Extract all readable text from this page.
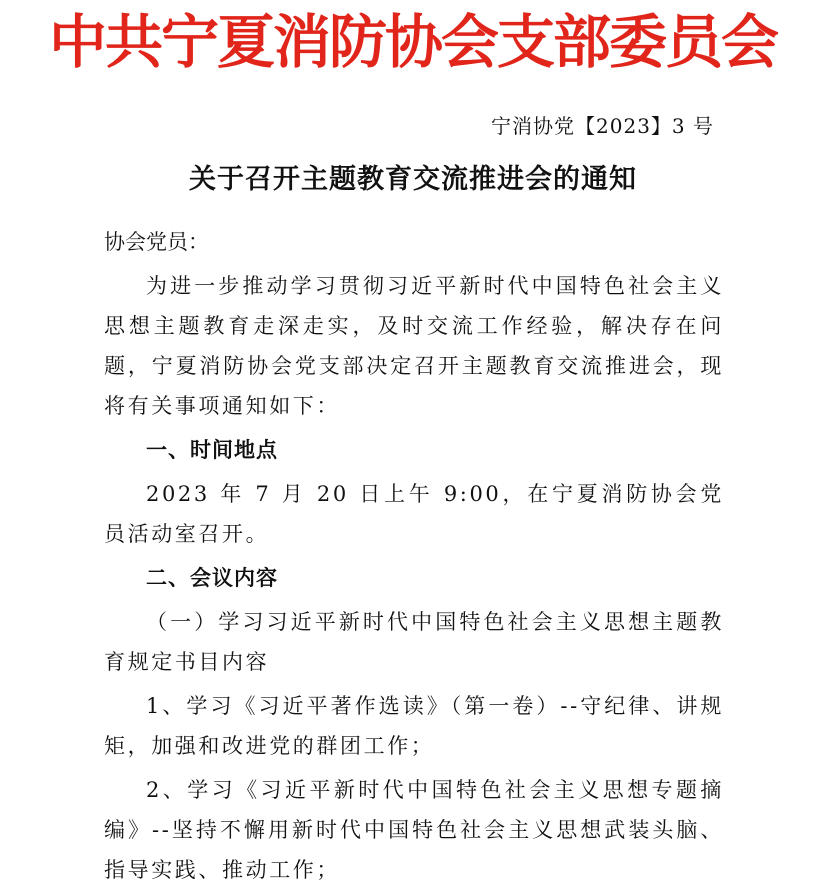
中共宁夏消防协会支部委员会
宁消协党【2023】3 号
关于召开主题教育交流推进会的通知

协会党员：

为进一步推动学习贯彻习近平新时代中国特色社会主义思想主题教育走深走实，及时交流工作经验，解决存在问题，宁夏消防协会党支部决定召开主题教育交流推进会，现将有关事项通知如下：

一、时间地点

2023 年 7 月 20 日上午 9:00，在宁夏消防协会党员活动室召开。

二、会议内容

（一）学习习近平新时代中国特色社会主义思想主题教育规定书目内容

1、学习《习近平著作选读》（第一卷）--守纪律、讲规矩，加强和改进党的群团工作；

2、学习《习近平新时代中国特色社会主义思想专题摘编》--坚持不懈用新时代中国特色社会主义思想武装头脑、指导实践、推动工作；
